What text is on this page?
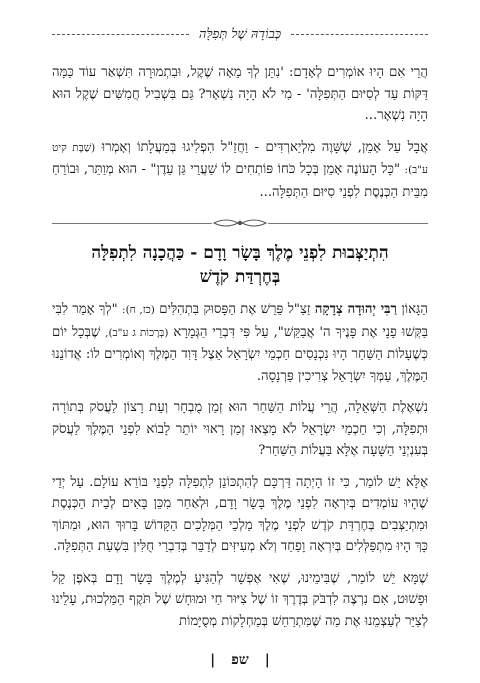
כְּבוֹדָהּ שֶׁל תְּפִלָּה

הֲרֵי אִם הָיוּ אוֹמְרִים לְאָדָם: 'נִתֵּן לְךָ מֵאָה שֶׁקֶל, וּבִתְמוּרָה תִּשְׁאַר עוֹד כַּמָּה דַּקּוֹת עַד לְסִיּוּם הַתְּפִלָּה' - מִי לֹא הָיָה נִשְׁאָר? גַּם בִּשְׁבִיל חֲמִשִּׁים שֶׁקֶל הוּא הָיָה נִשְׁאָר...

אֲבָל עַל אָמֵן, שֶׁשָּׁוֶה מִלְיַארְדִּים - וַחֲזַ"ל הִפְלִיגוּ בְּמַעֲלָתוֹ וְאָמְרוּ (שַׁבָּת קיט ע"ב): "כָּל הָעוֹנֶה אָמֵן בְּכָל כֹּחוֹ פּוֹתְחִים לוֹ שַׁעֲרֵי גַּן עֵדֶן" - הוּא מְוַתֵּר, וּבוֹרֵחַ מִבֵּית הַכְּנֶסֶת לִפְנֵי סִיּוּם הַתְּפִלָּה...

הִתְיַצְּבוּת לִפְנֵי מֶלֶךְ בָּשָׂר וָדָם - כַּהֲכָנָה לִתְפִלָּה
בְּחֶרְדַּת קֹדֶשׁ

הַגָּאוֹן רַבִּי יְהוּדָה צְדָקָה זַצַ"ל פֵּרֵשׁ אֶת הַפָּסוּק בִּתְהִלִּים (כז, ח): "לְךָ אָמַר לִבִּי בַּקְּשׁוּ פָנָי אֶת פָּנֶיךָ ה' אֲבַקֵּשׁ", עַל פִּי דִּבְרֵי הַגְּמָרָא (בְּרָכוֹת ג ע"ב), שֶׁבְּכָל יוֹם כְּשֶׁעָלוֹת הַשַּׁחַר הָיוּ נִכְנָסִים חַכְמֵי יִשְׂרָאֵל אֵצֶל דָּוִד הַמֶּלֶךְ וְאוֹמְרִים לוֹ: אֲדוֹנֵנוּ הַמֶּלֶךְ, עַמְּךָ יִשְׂרָאֵל צְרִיכִין פַּרְנָסָה.

נִשְׁאֶלֶת הַשְּׁאֵלָה, הֲרֵי עֲלוֹת הַשַּׁחַר הוּא זְמַן מֻבְחָר וְעֵת רָצוֹן לַעֲסֹק בְּתוֹרָה וּתְפִלָּה, וְכִי חַכְמֵי יִשְׂרָאֵל לֹא מָצְאוּ זְמַן רָאוּי יוֹתֵר לָבוֹא לִפְנֵי הַמֶּלֶךְ לַעֲסֹק בְּעִנְיְנֵי הַשָּׁעָה אֶלָּא בַּעֲלוֹת הַשַּׁחַר?

אֶלָּא יֵשׁ לוֹמַר, כִּי זוֹ הָיְתָה דַּרְכָּם לְהִתְכּוֹנֵן לִתְפִלָּה לִפְנֵי בּוֹרֵא עוֹלָם. עַל יְדֵי שֶׁהָיוּ עוֹמְדִים בְּיִרְאָה לִפְנֵי מֶלֶךְ בָּשָׂר וָדָם, וּלְאַחַר מִכֵּן בָּאִים לְבֵית הַכְּנֶסֶת וּמִתְיַצְּבִים בְּחֶרְדַּת קֹדֶשׁ לִפְנֵי מֶלֶךְ מַלְכֵי הַמְּלָכִים הַקָּדוֹשׁ בָּרוּךְ הוּא, וּמִתּוֹךְ כָּךְ הָיוּ מִתְפַּלְּלִים בְּיִרְאָה וָפַחַד וְלֹא מְעִיזִּים לְדַבֵּר בְּדִבְרֵי חֻלִּין בִּשְׁעַת הַתְּפִלָּה.

שֶׁמָּא יֵשׁ לוֹמַר, שֶׁבִּימֵינוּ, שֶׁאִי אֶפְשָׁר לְהַגִּיעַ לְמֶלֶךְ בָּשָׂר וָדָם בְּאֹפֶן קַל וּפָשׁוּט, אִם נִרְצֶה לִדְבֹּק בְּדֶרֶךְ זוֹ שֶׁל צִיּוּר חַי וּמוּחָשׁ שֶׁל תֹּקֶף הַמַּלְכוּת, עָלֵינוּ לְצַיֵּר לְעַצְמֵנוּ אֶת מַה שֶּׁמִּתְרַחֵשׁ בְּמַחְלָקוֹת מְסֻיָּמוֹת

| שפ |
